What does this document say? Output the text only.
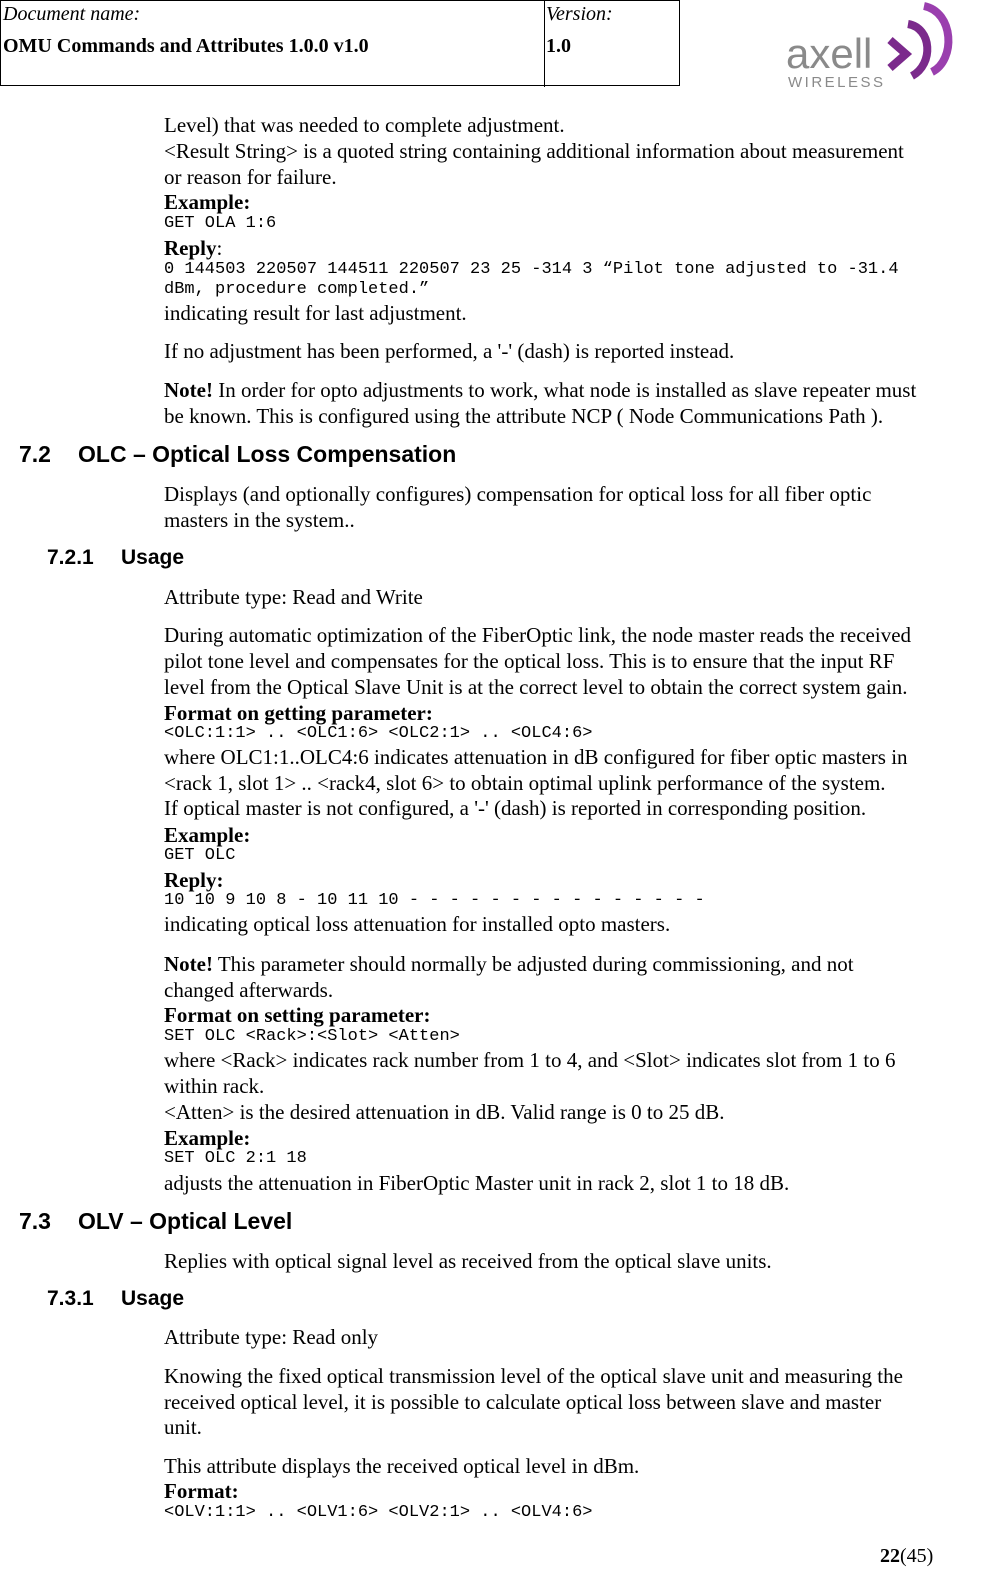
Document name:
OMU Commands and Attributes 1.0.0 v1.0
Version:
1.0	axell
WIRELESS
Level) that was needed to complete adjustment.
<Result String> is a quoted string containing additional information about measurement
or reason for failure.
Example:
GET OLA 1:6
Reply:
0 144503 220507 144511 220507 23 25 -314 3 “Pilot tone adjusted to -31.4
dBm, procedure completed.”
indicating result for last adjustment.
If no adjustment has been performed, a '-' (dash) is reported instead.
Note! In order for opto adjustments to work, what node is installed as slave repeater must
be known. This is configured using the attribute NCP ( Node Communications Path ).
7.2 OLC – Optical Loss Compensation
Displays (and optionally configures) compensation for optical loss for all fiber optic
masters in the system..
7.2.1 Usage
Attribute type: Read and Write
During automatic optimization of the FiberOptic link, the node master reads the received
pilot tone level and compensates for the optical loss. This is to ensure that the input RF
level from the Optical Slave Unit is at the correct level to obtain the correct system gain.
Format on getting parameter:
<OLC:1:1> .. <OLC1:6> <OLC2:1> .. <OLC4:6>
where OLC1:1..OLC4:6 indicates attenuation in dB configured for fiber optic masters in
<rack 1, slot 1> .. <rack4, slot 6> to obtain optimal uplink performance of the system.
If optical master is not configured, a '-' (dash) is reported in corresponding position.
Example:
GET OLC
Reply:
10 10 9 10 8 - 10 11 10 - - - - - - - - - - - - - - -
indicating optical loss attenuation for installed opto masters.
Note! This parameter should normally be adjusted during commissioning, and not
changed afterwards.
Format on setting parameter:
SET OLC <Rack>:<Slot> <Atten>
where <Rack> indicates rack number from 1 to 4, and <Slot> indicates slot from 1 to 6
within rack.
<Atten> is the desired attenuation in dB. Valid range is 0 to 25 dB.
Example:
SET OLC 2:1 18
adjusts the attenuation in FiberOptic Master unit in rack 2, slot 1 to 18 dB.
7.3 OLV – Optical Level
Replies with optical signal level as received from the optical slave units.
7.3.1 Usage
Attribute type: Read only
Knowing the fixed optical transmission level of the optical slave unit and measuring the
received optical level, it is possible to calculate optical loss between slave and master
unit.
This attribute displays the received optical level in dBm.
Format:
<OLV:1:1> .. <OLV1:6> <OLV2:1> .. <OLV4:6>
22(45)
